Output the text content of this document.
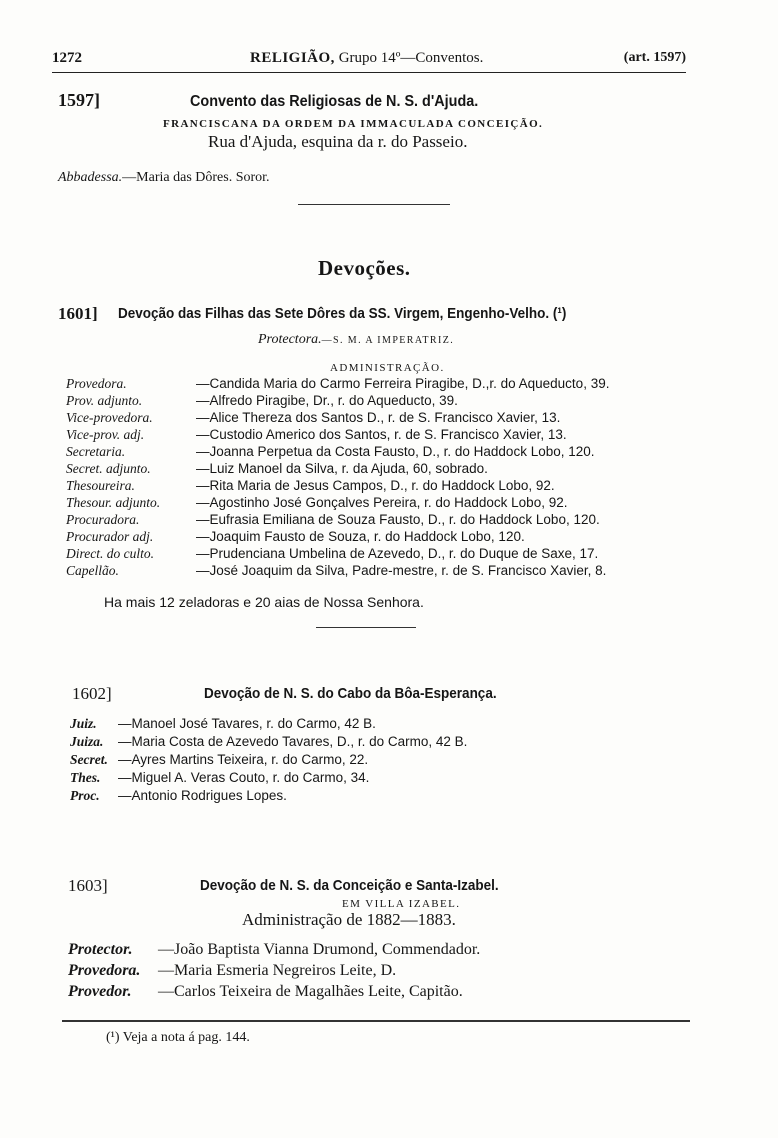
1272	RELIGIÃO, Grupo 14º—Conventos.	(art. 1597)
1597]	Convento das Religiosas de N. S. d'Ajuda.
FRANCISCANA DA ORDEM DA IMMACULADA CONCEIÇÃO.
Rua d'Ajuda, esquina da r. do Passeio.
Abbadessa.—Maria das Dôres. Soror.
Devoções.
1601] Devoção das Filhas das Sete Dôres da SS. Virgem, Engenho-Velho. (¹)
Protectora.—S. M. A IMPERATRIZ.
ADMINISTRAÇÃO.
Provedora.	—Candida Maria do Carmo Ferreira Piragibe, D.,r. do Aqueducto, 39.
Prov. adjunto.	—Alfredo Piragibe, Dr., r. do Aqueducto, 39.
Vice-provedora.	—Alice Thereza dos Santos D., r. de S. Francisco Xavier, 13.
Vice-prov. adj.	—Custodio Americo dos Santos, r. de S. Francisco Xavier, 13.
Secretaria.	—Joanna Perpetua da Costa Fausto, D., r. do Haddock Lobo, 120.
Secret. adjunto.	—Luiz Manoel da Silva, r. da Ajuda, 60, sobrado.
Thesoureira.	—Rita Maria de Jesus Campos, D., r. do Haddock Lobo, 92.
Thesour. adjunto.	—Agostinho José Gonçalves Pereira, r. do Haddock Lobo, 92.
Procuradora.	—Eufrasia Emiliana de Souza Fausto, D., r. do Haddock Lobo, 120.
Procurador adj.	—Joaquim Fausto de Souza, r. do Haddock Lobo, 120.
Direct. do culto.	—Prudenciana Umbelina de Azevedo, D., r. do Duque de Saxe, 17.
Capellão.	—José Joaquim da Silva, Padre-mestre, r. de S. Francisco Xavier, 8.
Ha mais 12 zeladoras e 20 aias de Nossa Senhora.
1602]	Devoção de N. S. do Cabo da Bôa-Esperança.
Juiz. —Manoel José Tavares, r. do Carmo, 42 B.
Juiza. —Maria Costa de Azevedo Tavares, D., r. do Carmo, 42 B.
Secret. —Ayres Martins Teixeira, r. do Carmo, 22.
Thes. —Miguel A. Veras Couto, r. do Carmo, 34.
Proc. —Antonio Rodrigues Lopes.
1603]	Devoção de N. S. da Conceição e Santa-Izabel.
EM VILLA IZABEL.
Administração de 1882—1883.
Protector. —João Baptista Vianna Drumond, Commendador.
Provedora. —Maria Esmeria Negreiros Leite, D.
Provedor. —Carlos Teixeira de Magalhães Leite, Capitão.
(¹) Veja a nota á pag. 144.
